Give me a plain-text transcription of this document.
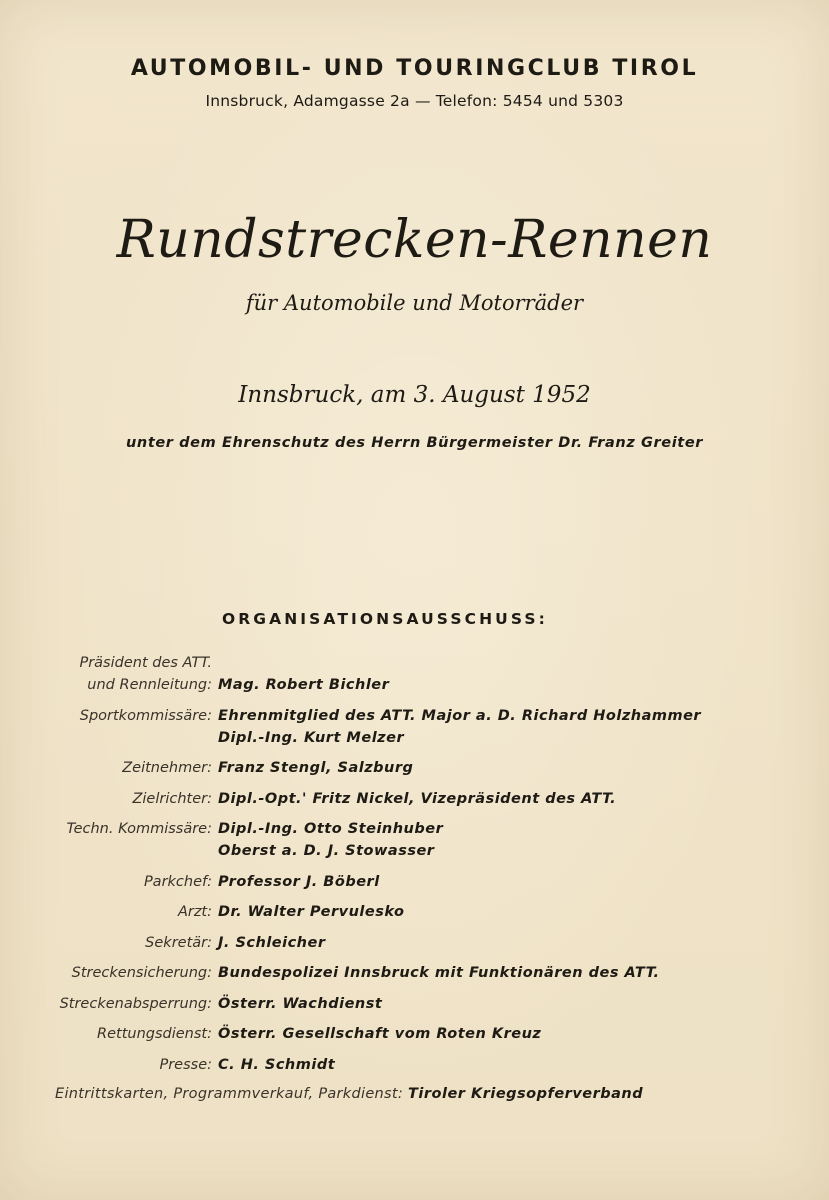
AUTOMOBIL- UND TOURINGCLUB TIROL
Innsbruck, Adamgasse 2a — Telefon: 5454 und 5303
Rundstrecken-Rennen
für Automobile und Motorräder
Innsbruck, am 3. August 1952
unter dem Ehrenschutz des Herrn Bürgermeister Dr. Franz Greiter
ORGANISATIONSAUSSCHUSS:
Präsident des ATT.
und Rennleitung: Mag. Robert Bichler
Sportkommissäre: Ehrenmitglied des ATT. Major a. D. Richard Holzhammer
Dipl.-Ing. Kurt Melzer
Zeitnehmer: Franz Stengl, Salzburg
Zielrichter: Dipl.-Opt.' Fritz Nickel, Vizepräsident des ATT.
Techn. Kommissäre: Dipl.-Ing. Otto Steinhuber
Oberst a. D. J. Stowasser
Parkchef: Professor J. Böberl
Arzt: Dr. Walter Pervulesko
Sekretär: J. Schleicher
Streckensicherung: Bundespolizei Innsbruck mit Funktionären des ATT.
Streckenabsperrung: Österr. Wachdienst
Rettungsdienst: Österr. Gesellschaft vom Roten Kreuz
Presse: C. H. Schmidt
Eintrittskarten, Programmverkauf, Parkdienst: Tiroler Kriegsopferverband
